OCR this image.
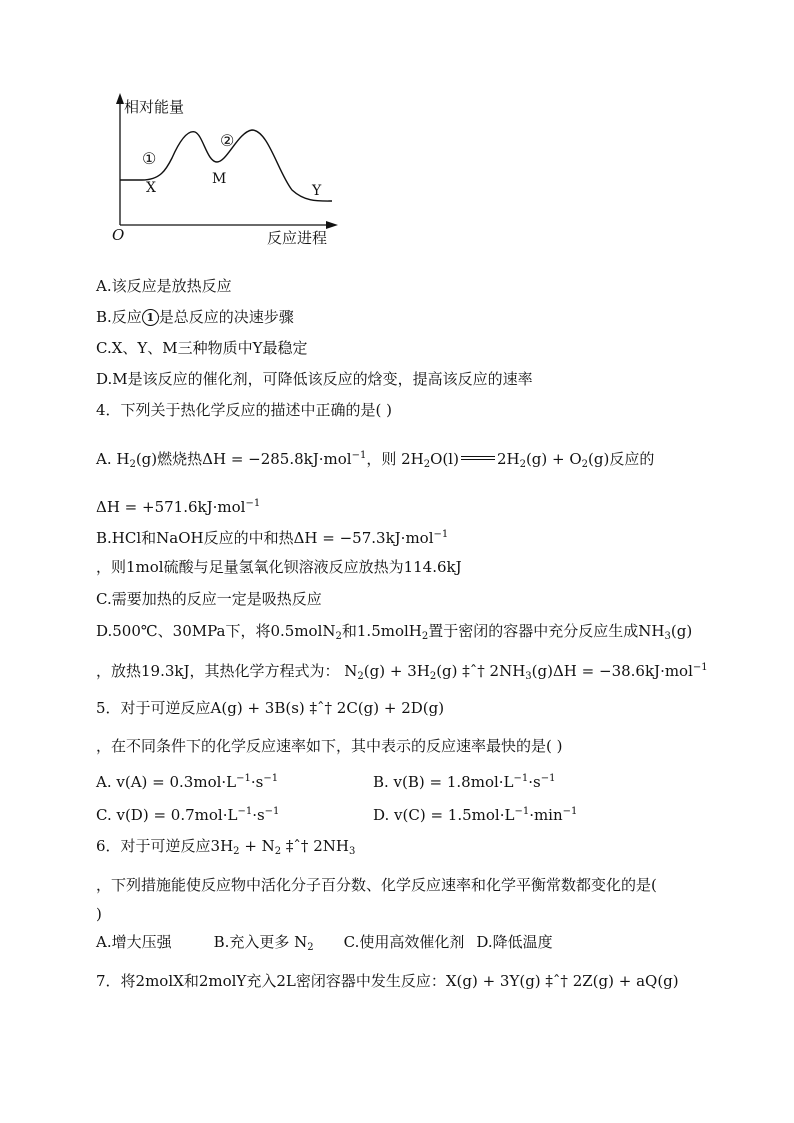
相对能量
①
②
X
M
Y
O	反应进程
A.该反应是放热反应
B.反应 1 是总反应的决速步骤
C.X、Y、M三种物质中Y最稳定
D.M是该反应的催化剂，可降低该反应的焓变，提高该反应的速率
4．下列关于热化学反应的描述中正确的是( )
A. $H_2(g)$燃烧热ΔH = −285.8kJ·mol$^{-1}$，则 $2H_2O(l)$	$2H_2(g) + O_2(g)$反应的
ΔH = +571.6kJ·mol$^{-1}$
B.HCl和NaOH反应的中和热ΔH = −57.3kJ·mol$^{-1}$
，则1mol硫酸与足量氢氧化钡溶液反应放热为114.6kJ
C.需要加热的反应一定是吸热反应
D.500℃、30MPa下，将0.5molN$_2$和1.5molH$_2$置于密闭的容器中充分反应生成$NH_3(g)$
，放热19.3kJ，其热化学方程式为： $N_2(g) + 3H_2(g)$ ‡ˆ† $2NH_3(g)\Delta H = -38.6kJ\cdot mol^{-1}$
5．对于可逆反应A(g) + 3B(s) ‡ˆ† 2C(g) + 2D(g)
，在不同条件下的化学反应速率如下，其中表示的反应速率最快的是( )
A. $v(A) = 0.3mol\cdot L^{-1}\cdot s^{-1}$	B. $v(B) = 1.8mol\cdot L^{-1}\cdot s^{-1}$
C. $v(D) = 0.7mol\cdot L^{-1}\cdot s^{-1}$	D. $v(C) = 1.5mol\cdot L^{-1}\cdot\min^{-1}$
6．对于可逆反应$3H_2 + N_2$ ‡ˆ† $2NH_3$
，下列措施能使反应物中活化分子百分数、化学反应速率和化学平衡常数都变化的是(
)
A.增大压强	B.充入更多 $N_2$ C.使用高效催化剂 D.降低温度
7．将2molX和2molY充入2L密闭容器中发生反应：X(g) + 3Y(g) ‡ˆ† 2Z(g) + aQ(g)
